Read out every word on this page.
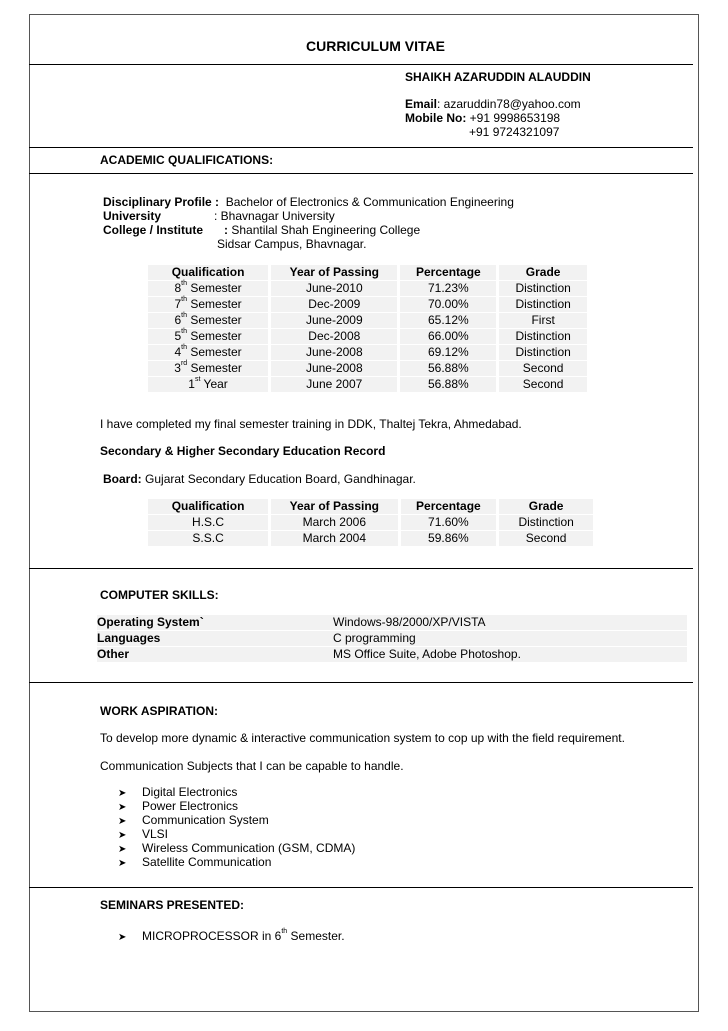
CURRICULUM VITAE
SHAIKH AZARUDDIN ALAUDDIN
Email: azaruddin78@yahoo.com
Mobile No: +91 9998653198
+91 9724321097
ACADEMIC QUALIFICATIONS:
Disciplinary Profile : Bachelor of Electronics & Communication Engineering
University	: Bhavnagar University
College / Institute : Shantilal Shah Engineering College
Sidsar Campus, Bhavnagar.
Qualification	Year of Passing	Percentage	Grade
8th Semester	June-2010	71.23%	Distinction
7th Semester	Dec-2009	70.00%	Distinction
6th Semester	June-2009	65.12%	First
5th Semester	Dec-2008	66.00%	Distinction
4th Semester	June-2008	69.12%	Distinction
3rd Semester	June-2008	56.88%	Second
1st Year	June 2007	56.88%	Second
I have completed my final semester training in DDK, Thaltej Tekra, Ahmedabad.
Secondary & Higher Secondary Education Record
Board: Gujarat Secondary Education Board, Gandhinagar.
Qualification	Year of Passing	Percentage	Grade
H.S.C	March 2006	71.60%	Distinction
S.S.C	March 2004	59.86%	Second
COMPUTER SKILLS:
Operating System`	Windows-98/2000/XP/VISTA
Languages	C programming
Other	MS Office Suite, Adobe Photoshop.
WORK ASPIRATION:
To develop more dynamic & interactive communication system to cop up with the field requirement.
Communication Subjects that I can be capable to handle.
➤ Digital Electronics
➤ Power Electronics
➤ Communication System
➤ VLSI
➤ Wireless Communication (GSM, CDMA)
➤ Satellite Communication
SEMINARS PRESENTED:
➤ MICROPROCESSOR in 6th Semester.
